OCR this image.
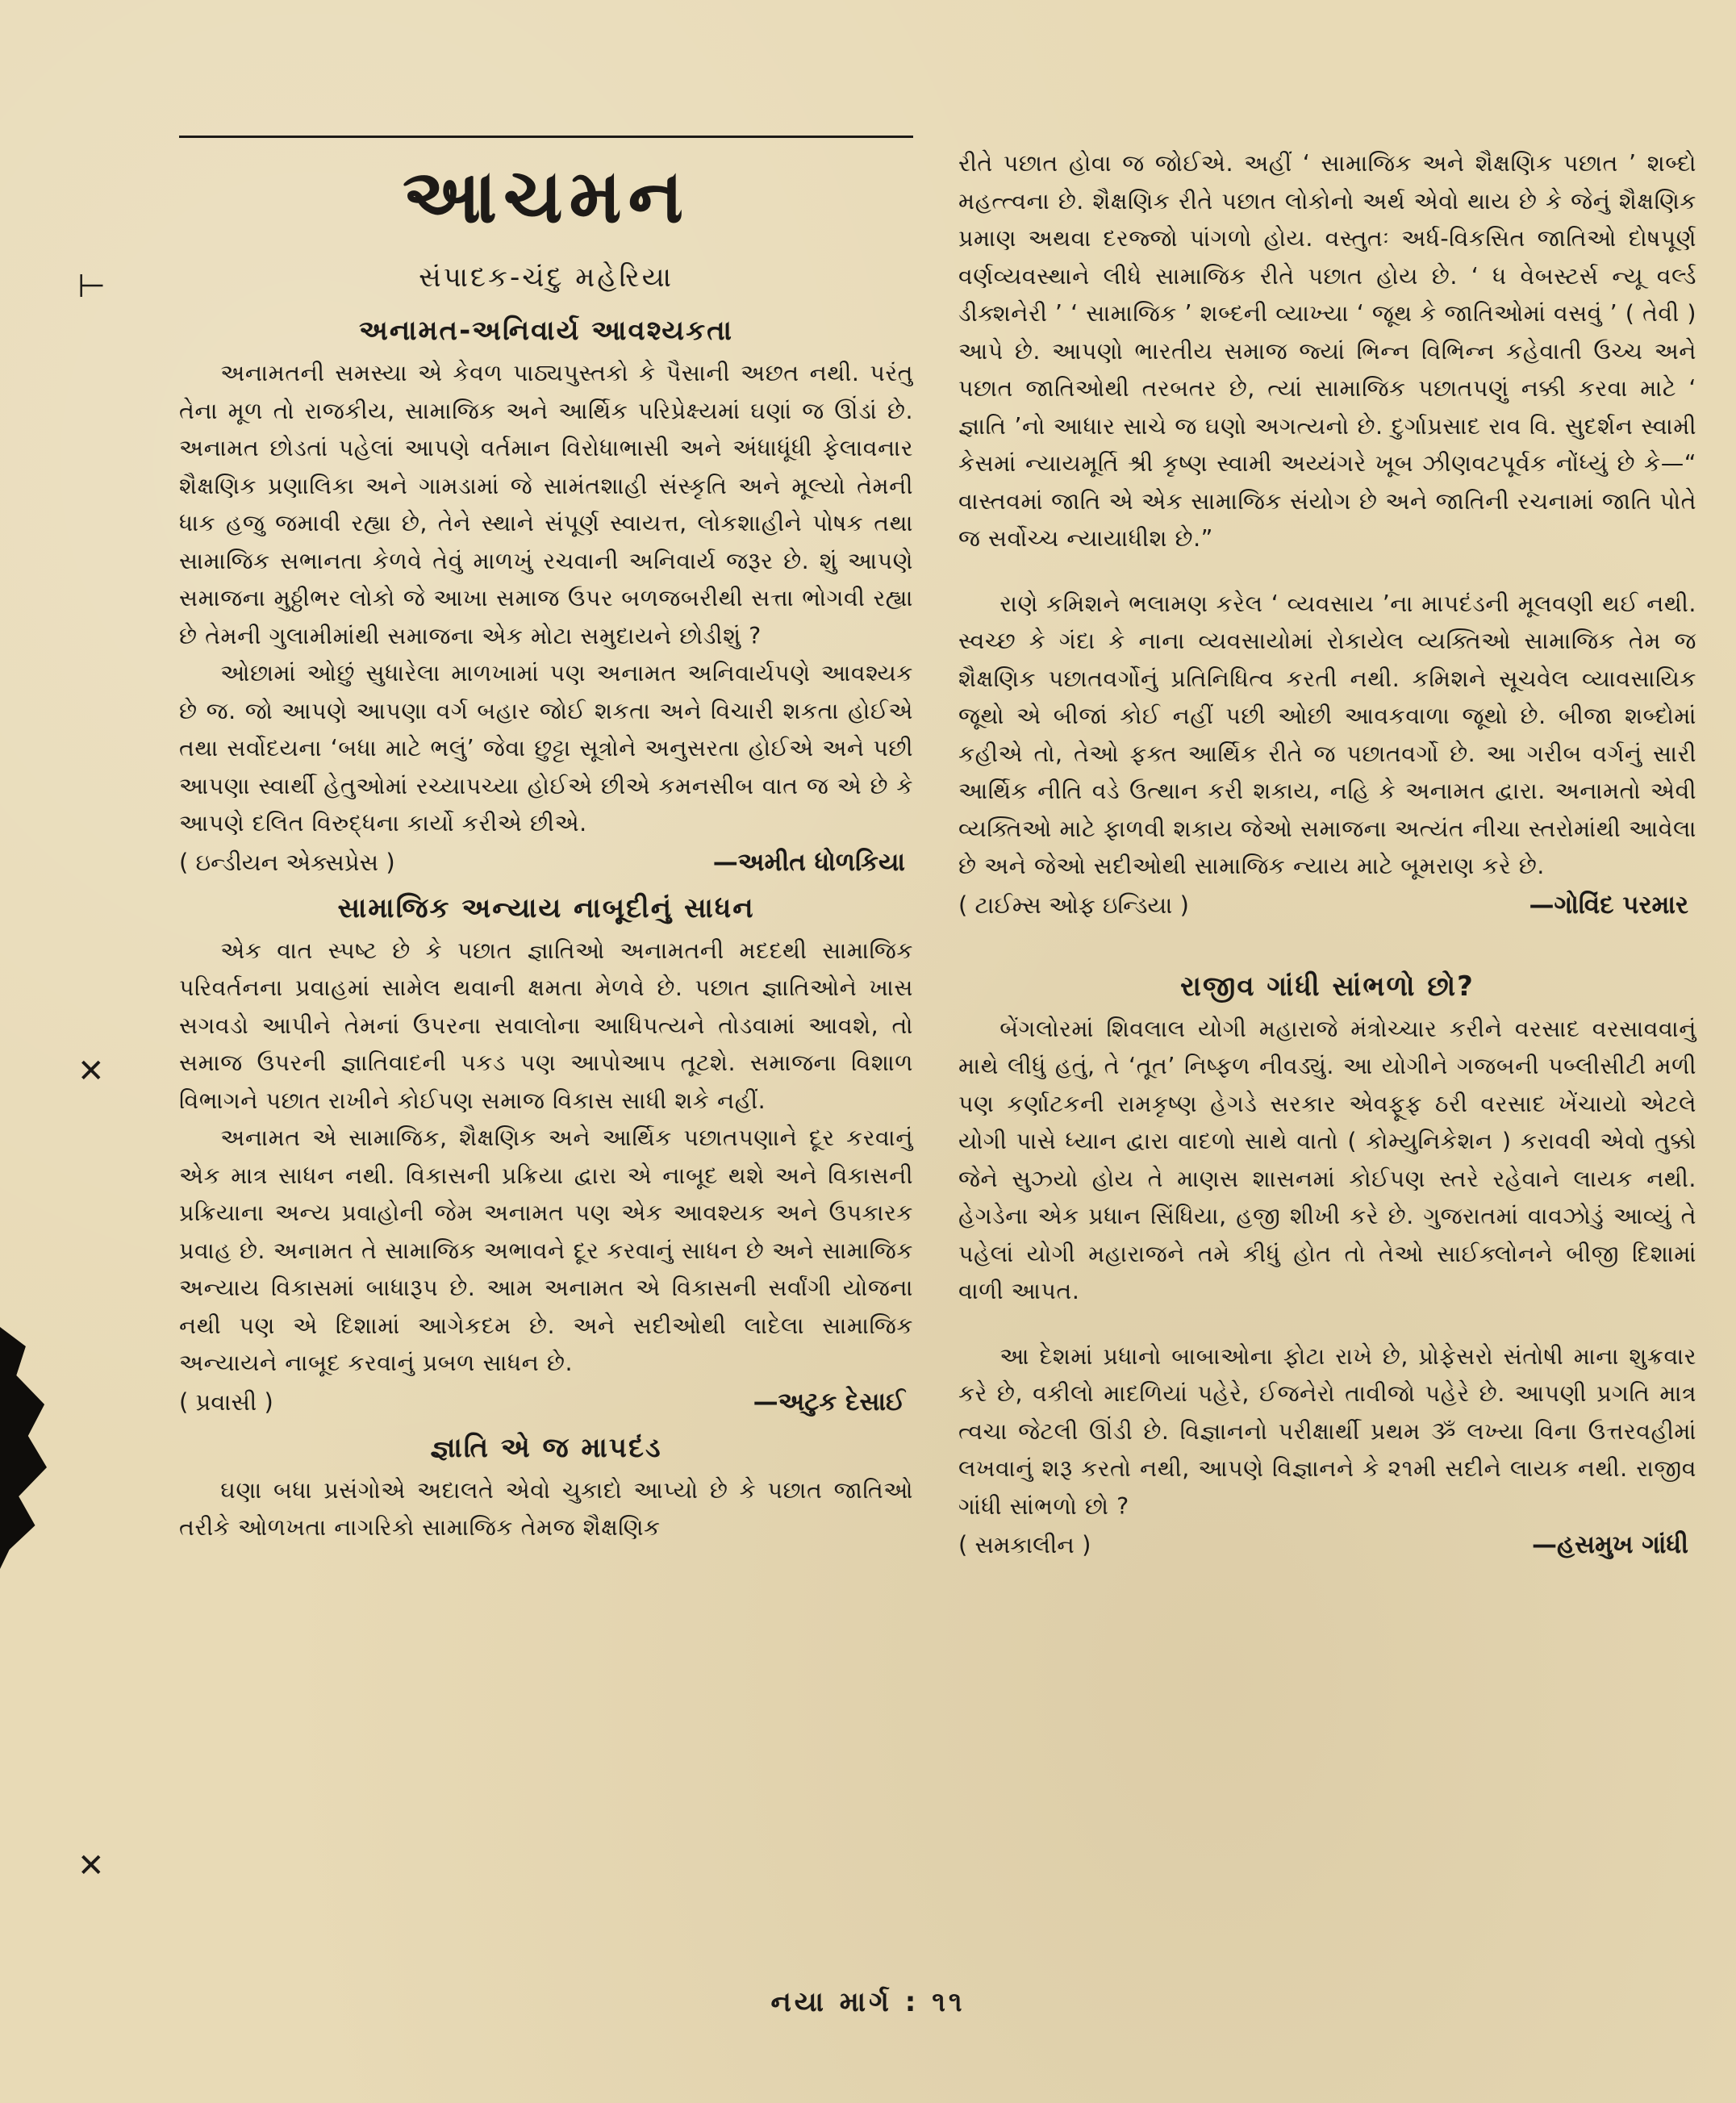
⊢
✕
✕
આચમન
સંપાદક-ચંદુ મહેરિયા
અનામત-અનિવાર્ય આવશ્યકતા

અનામતની સમસ્યા એ કેવળ પાઠ્યપુસ્તકો કે પૈસાની અછત નથી. પરંતુ તેના મૂળ તો રાજકીય, સામાજિક અને આર્થિક પરિપ્રેક્ષ્યમાં ઘણાં જ ઊંડાં છે. અનામત છોડતાં પહેલાં આપણે વર્તમાન વિરોધાભાસી અને અંધાધૂંધી ફેલાવનાર શૈક્ષણિક પ્રણાલિકા અને ગામડામાં જે સામંતશાહી સંસ્કૃતિ અને મૂલ્યો તેમની ધાક હજુ જમાવી રહ્યા છે, તેને સ્થાને સંપૂર્ણ સ્વાયત્ત, લોકશાહીને પોષક તથા સામાજિક સભાનતા કેળવે તેવું માળખું રચવાની અનિવાર્ય જરૂર છે. શું આપણે સમાજના મુઠ્ઠીભર લોકો જે આખા સમાજ ઉપર બળજબરીથી સત્તા ભોગવી રહ્યા છે તેમની ગુલામીમાંથી સમાજના એક મોટા સમુદાયને છોડીશું ?

ઓછામાં ઓછું સુધારેલા માળખામાં પણ અનામત અનિવાર્યપણે આવશ્યક છે જ. જો આપણે આપણા વર્ગ બહાર જોઈ શકતા અને વિચારી શકતા હોઈએ તથા સર્વોદયના ‘બધા માટે ભલું’ જેવા છુટ્ટા સૂત્રોને અનુસરતા હોઈએ અને પછી આપણા સ્વાર્થી હેતુઓમાં રચ્યાપચ્યા હોઈએ છીએ કમનસીબ વાત જ એ છે કે આપણે દલિત વિરુદ્ધના કાર્યો કરીએ છીએ.

( ઇન્ડીયન એક્સપ્રેસ )	—અમીત ધોળકિયા
સામાજિક અન્યાય નાબૂદીનું સાધન

એક વાત સ્પષ્ટ છે કે પછાત જ્ઞાતિઓ અનામતની મદદથી સામાજિક પરિવર્તનના પ્રવાહમાં સામેલ થવાની ક્ષમતા મેળવે છે. પછાત જ્ઞાતિઓને ખાસ સગવડો આપીને તેમનાં ઉપરના સવાલોના આધિપત્યને તોડવામાં આવશે, તો સમાજ ઉપરની જ્ઞાતિવાદની પકડ પણ આપોઆપ તૂટશે. સમાજના વિશાળ વિભાગને પછાત રાખીને કોઈપણ સમાજ વિકાસ સાધી શકે નહીં.

અનામત એ સામાજિક, શૈક્ષણિક અને આર્થિક પછાતપણાને દૂર કરવાનું એક માત્ર સાધન નથી. વિકાસની પ્રક્રિયા દ્વારા એ નાબૂદ થશે અને વિકાસની પ્રક્રિયાના અન્ય પ્રવાહોની જેમ અનામત પણ એક આવશ્યક અને ઉપકારક પ્રવાહ છે. અનામત તે સામાજિક અભાવને દૂર કરવાનું સાધન છે અને સામાજિક અન્યાય વિકાસમાં બાધારૂપ છે. આમ અનામત એ વિકાસની સર્વાંગી યોજના નથી પણ એ દિશામાં આગેકદમ છે. અને સદીઓથી લાદેલા સામાજિક અન્યાયને નાબૂદ કરવાનું પ્રબળ સાધન છે.

( પ્રવાસી )	—અટુક દેસાઈ
જ્ઞાતિ એ જ માપદંડ

ઘણા બધા પ્રસંગોએ અદાલતે એવો ચુકાદો આપ્યો છે કે પછાત જાતિઓ તરીકે ઓળખતા નાગરિકો સામાજિક તેમજ શૈક્ષણિક

રીતે પછાત હોવા જ જોઈએ. અહીં ‘ સામાજિક અને શૈક્ષણિક પછાત ’ શબ્દો મહત્ત્વના છે. શૈક્ષણિક રીતે પછાત લોકોનો અર્થ એવો થાય છે કે જેનું શૈક્ષણિક પ્રમાણ અથવા દરજ્જો પાંગળો હોય. વસ્તુતઃ અર્ધ-વિકસિત જાતિઓ દોષપૂર્ણ વર્ણવ્યવસ્થાને લીધે સામાજિક રીતે પછાત હોય છે. ‘ ધ વેબસ્ટર્સ ન્યૂ વર્લ્ડ ડીક્શનેરી ’ ‘ સામાજિક ’ શબ્દની વ્યાખ્યા ‘ જૂથ કે જાતિઓમાં વસવું ’ ( તેવી ) આપે છે. આપણો ભારતીય સમાજ જ્યાં ભિન્ન વિભિન્ન કહેવાતી ઉચ્ચ અને પછાત જાતિઓથી તરબતર છે, ત્યાં સામાજિક પછાતપણું નક્કી કરવા માટે ‘ જ્ઞાતિ ’નો આધાર સાચે જ ઘણો અગત્યનો છે. દુર્ગાપ્રસાદ રાવ વિ. સુદર્શન સ્વામી કેસમાં ન્યાયમૂર્તિ શ્રી કૃષ્ણ સ્વામી અય્યંગરે ખૂબ ઝીણવટપૂર્વક નોંધ્યું છે કે—“ વાસ્તવમાં જાતિ એ એક સામાજિક સંયોગ છે અને જાતિની રચનામાં જાતિ પોતે જ સર્વોચ્ચ ન્યાયાધીશ છે.”

રાણે કમિશને ભલામણ કરેલ ‘ વ્યવસાય ’ના માપદંડની મૂલવણી થઈ નથી. સ્વચ્છ કે ગંદા કે નાના વ્યવસાયોમાં રોકાયેલ વ્યક્તિઓ સામાજિક તેમ જ શૈક્ષણિક પછાતવર્ગોનું પ્રતિનિધિત્વ કરતી નથી. કમિશને સૂચવેલ વ્યાવસાયિક જૂથો એ બીજાં કોઈ નહીં પછી ઓછી આવકવાળા જૂથો છે. બીજા શબ્દોમાં કહીએ તો, તેઓ ફક્ત આર્થિક રીતે જ પછાતવર્ગો છે. આ ગરીબ વર્ગનું સારી આર્થિક નીતિ વડે ઉત્થાન કરી શકાય, નહિ કે અનામત દ્વારા. અનામતો એવી વ્યક્તિઓ માટે ફાળવી શકાય જેઓ સમાજના અત્યંત નીચા સ્તરોમાંથી આવેલા છે અને જેઓ સદીઓથી સામાજિક ન્યાય માટે બૂમરાણ કરે છે.

( ટાઈમ્સ ઓફ ઇન્ડિયા )	—ગોવિંદ પરમાર
રાજીવ ગાંધી સાંભળો છો?

બેંગલોરમાં શિવલાલ યોગી મહારાજે મંત્રોચ્ચાર કરીને વરસાદ વરસાવવાનું માથે લીધું હતું, તે ‘તૂત’ નિષ્ફળ નીવડ્યું. આ યોગીને ગજબની પબ્લીસીટી મળી પણ કર્ણાટકની રામકૃષ્ણ હેગડે સરકાર એવફૂફ ઠરી વરસાદ ખેંચાયો એટલે યોગી પાસે ધ્યાન દ્વારા વાદળો સાથે વાતો ( કોમ્યુનિકેશન ) કરાવવી એવો તુક્કો જેને સુઝ્યો હોય તે માણસ શાસનમાં કોઈપણ સ્તરે રહેવાને લાયક નથી. હેગડેના એક પ્રધાન સિંધિયા, હજી શીખી કરે છે. ગુજરાતમાં વાવઝોડું આવ્યું તે પહેલાં યોગી મહારાજને તમે કીધું હોત તો તેઓ સાઈક્લોનને બીજી દિશામાં વાળી આપત.

આ દેશમાં પ્રધાનો બાબાઓના ફોટા રાખે છે, પ્રોફેસરો સંતોષી માના શુક્રવાર કરે છે, વકીલો માદળિયાં પહેરે, ઈજનેરો તાવીજો પહેરે છે. આપણી પ્રગતિ માત્ર ત્વચા જેટલી ઊંડી છે. વિજ્ઞાનનો પરીક્ષાર્થી પ્રથમ ૐ લખ્યા વિના ઉત્તરવહીમાં લખવાનું શરૂ કરતો નથી, આપણે વિજ્ઞાનને કે ૨૧મી સદીને લાયક નથી. રાજીવ ગાંધી સાંભળો છો ?

( સમકાલીન )	—હસમુખ ગાંધી
નયા માર્ગ : ૧૧
